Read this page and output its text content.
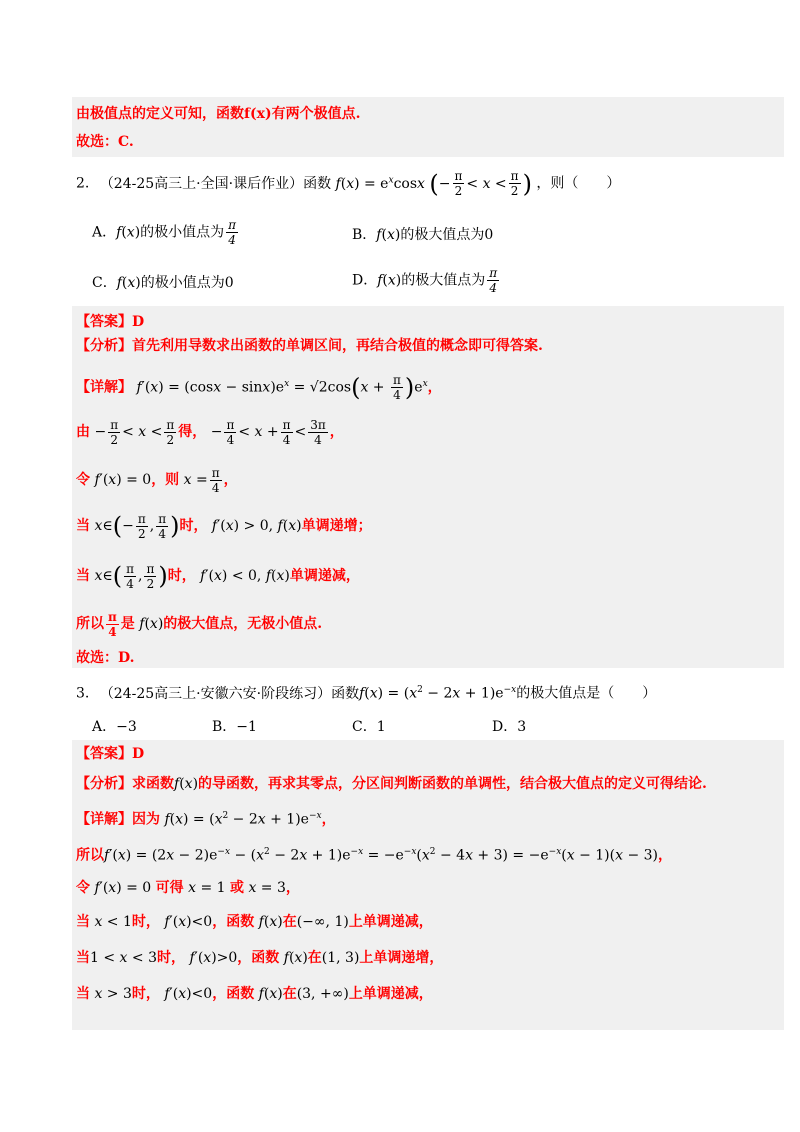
由极值点的定义可知，函数f(x)有两个极值点.
故选：C.
2. （24-25高三上·全国·课后作业）函数 $f(x) = e^x\cos x$ (− $\frac{\pi}{2} < x < \frac{\pi}{2}$ ) ，则（　　）
A．f(x)的极小值点为 $\frac{\pi}{4}$	B．f(x)的极大值点为0
C．f(x)的极小值点为0	D．f(x)的极大值点为 $\frac{\pi}{4}$
【答案】D
【分析】首先利用导数求出函数的单调区间，再结合极值的概念即可得答案.
【详解】 $f'(x) = (\cos x - \sin x)e^x = √2\cos(x + \frac{\pi}{4} )e^x$，
由 − $\frac{\pi}{2} < x < \frac{\pi}{2}$ 得， − $\frac{\pi}{4} < x + \frac{\pi}{4} < \frac{3\pi}{4}$ ，
令 f′(x) = 0，则 $x = \frac{\pi}{4}$ ，
当 x∈(− $\frac{\pi}{2}$ , $\frac{\pi}{4}$ )时， f′(x) > 0, f(x)单调递增；
当 x∈( $\frac{\pi}{4}$ , $\frac{\pi}{2}$ )时， f′(x) < 0, f(x)单调递减，
所以 $\frac{\pi}{4}$ 是 f(x)的极大值点，无极小值点.
故选：D.
3. （24-25高三上·安徽六安·阶段练习）函数$f(x) = (x^2 - 2x + 1)e^{-x}$的极大值点是（　　）
A．−3	B．−1	C．1	D．3
【答案】D
【分析】求函数f(x)的导函数，再求其零点，分区间判断函数的单调性，结合极大值点的定义可得结论.
【详解】因为 $f(x) = (x^2 - 2x + 1)e^{-x}$，
所以$f'(x) = (2x - 2)e^{-x} - (x^2 - 2x + 1)e^{-x} = -e^{-x}(x^2 - 4x + 3) = -e^{-x}(x - 1)(x - 3)$，
令 f′(x) = 0 可得 x = 1 或 x = 3，
当 x < 1时， f′(x)<0，函数 f(x)在(−∞, 1)上单调递减，
当1 < x < 3时， f′(x)>0，函数 f(x)在(1, 3)上单调递增，
当 x > 3时， f′(x)<0，函数 f(x)在(3, +∞)上单调递减，
